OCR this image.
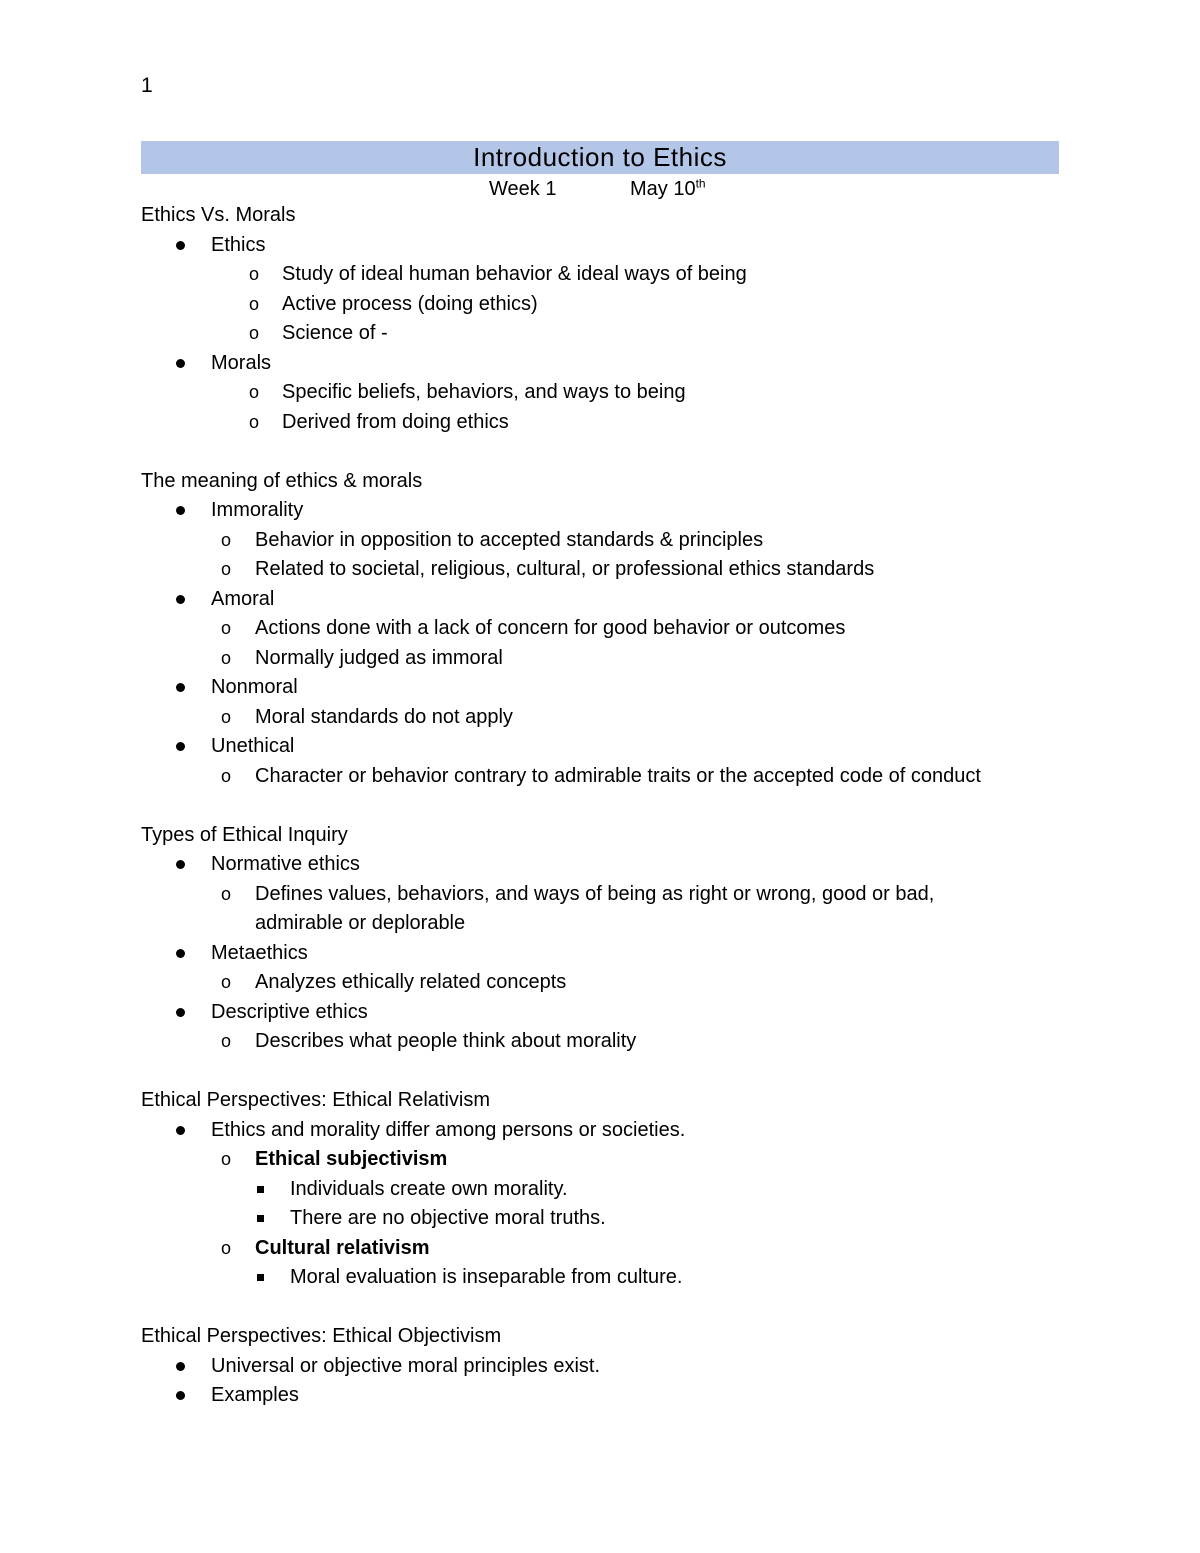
1
Introduction to Ethics
Week 1	May 10th
Ethics Vs. Morals
Ethics
o Study of ideal human behavior & ideal ways of being
o Active process (doing ethics)
o Science of -
Morals
o Specific beliefs, behaviors, and ways to being
o Derived from doing ethics
The meaning of ethics & morals
Immorality
o Behavior in opposition to accepted standards & principles
o Related to societal, religious, cultural, or professional ethics standards
Amoral
o Actions done with a lack of concern for good behavior or outcomes
o Normally judged as immoral
Nonmoral
o Moral standards do not apply
Unethical
o Character or behavior contrary to admirable traits or the accepted code of conduct
Types of Ethical Inquiry
Normative ethics
o Defines values, behaviors, and ways of being as right or wrong, good or bad,
admirable or deplorable
Metaethics
o Analyzes ethically related concepts
Descriptive ethics
o Describes what people think about morality
Ethical Perspectives: Ethical Relativism
Ethics and morality differ among persons or societies.
o Ethical subjectivism
Individuals create own morality.
There are no objective moral truths.
o Cultural relativism
Moral evaluation is inseparable from culture.
Ethical Perspectives: Ethical Objectivism
Universal or objective moral principles exist.
Examples
